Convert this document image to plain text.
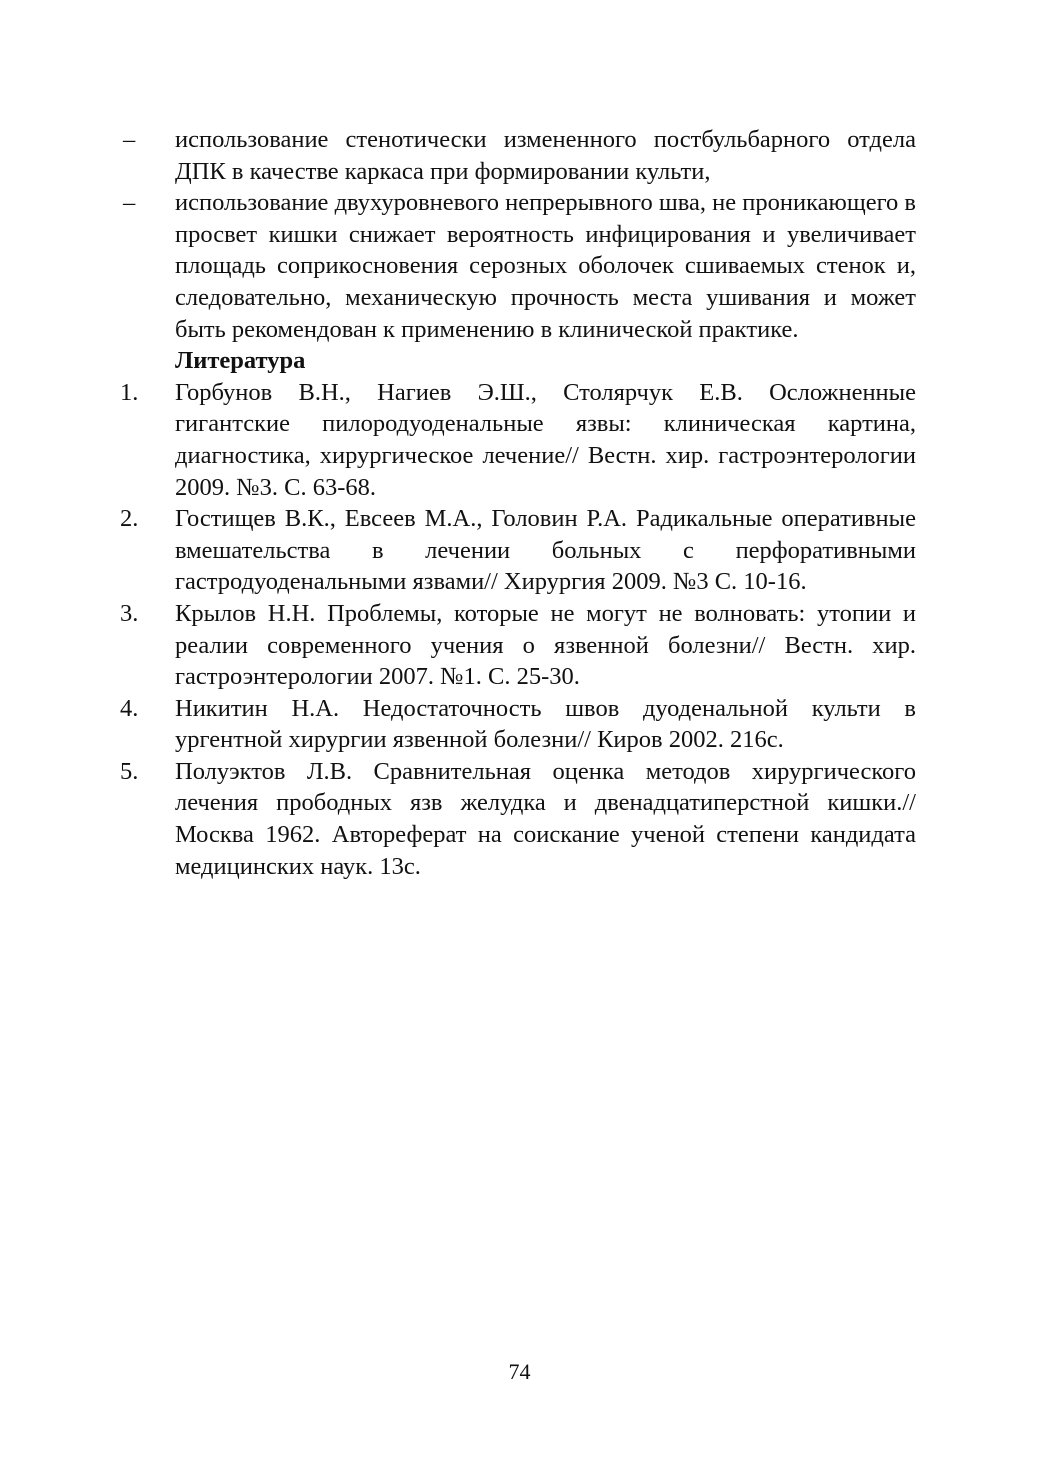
–	использование стенотически измененного постбульбарного отдела ДПК в качестве каркаса при формировании культи,
–	использование двухуровневого непрерывного шва, не проникающего в просвет кишки снижает вероятность инфицирования и увеличивает площадь соприкосновения серозных оболочек сшиваемых стенок и, следовательно, механическую прочность места ушивания и может быть рекомендован к применению в клинической практике.
Литература
1.	Горбунов В.Н., Нагиев Э.Ш., Столярчук Е.В. Осложненные гигантские пилородуоденальные язвы: клиническая картина, диагностика, хирургическое лечение// Вестн. хир. гастроэнтерологии 2009. №3. С. 63-68.
2.	Гостищев В.К., Евсеев М.А., Головин Р.А. Радикальные оперативные вмешательства в лечении больных с перфоративными гастродуоденальными язвами// Хирургия 2009. №3 С. 10-16.
3.	Крылов Н.Н. Проблемы, которые не могут не волновать: утопии и реалии современного учения о язвенной болезни// Вестн. хир. гастроэнтерологии 2007. №1. С. 25-30.
4.	Никитин Н.А. Недостаточность швов дуоденальной культи в ургентной хирургии язвенной болезни// Киров 2002. 216с.
5.	Полуэктов Л.В. Сравнительная оценка методов хирургического лечения прободных язв желудка и двенадцатиперстной кишки.// Москва 1962. Автореферат на соискание ученой степени кандидата медицинских наук. 13с.
74
